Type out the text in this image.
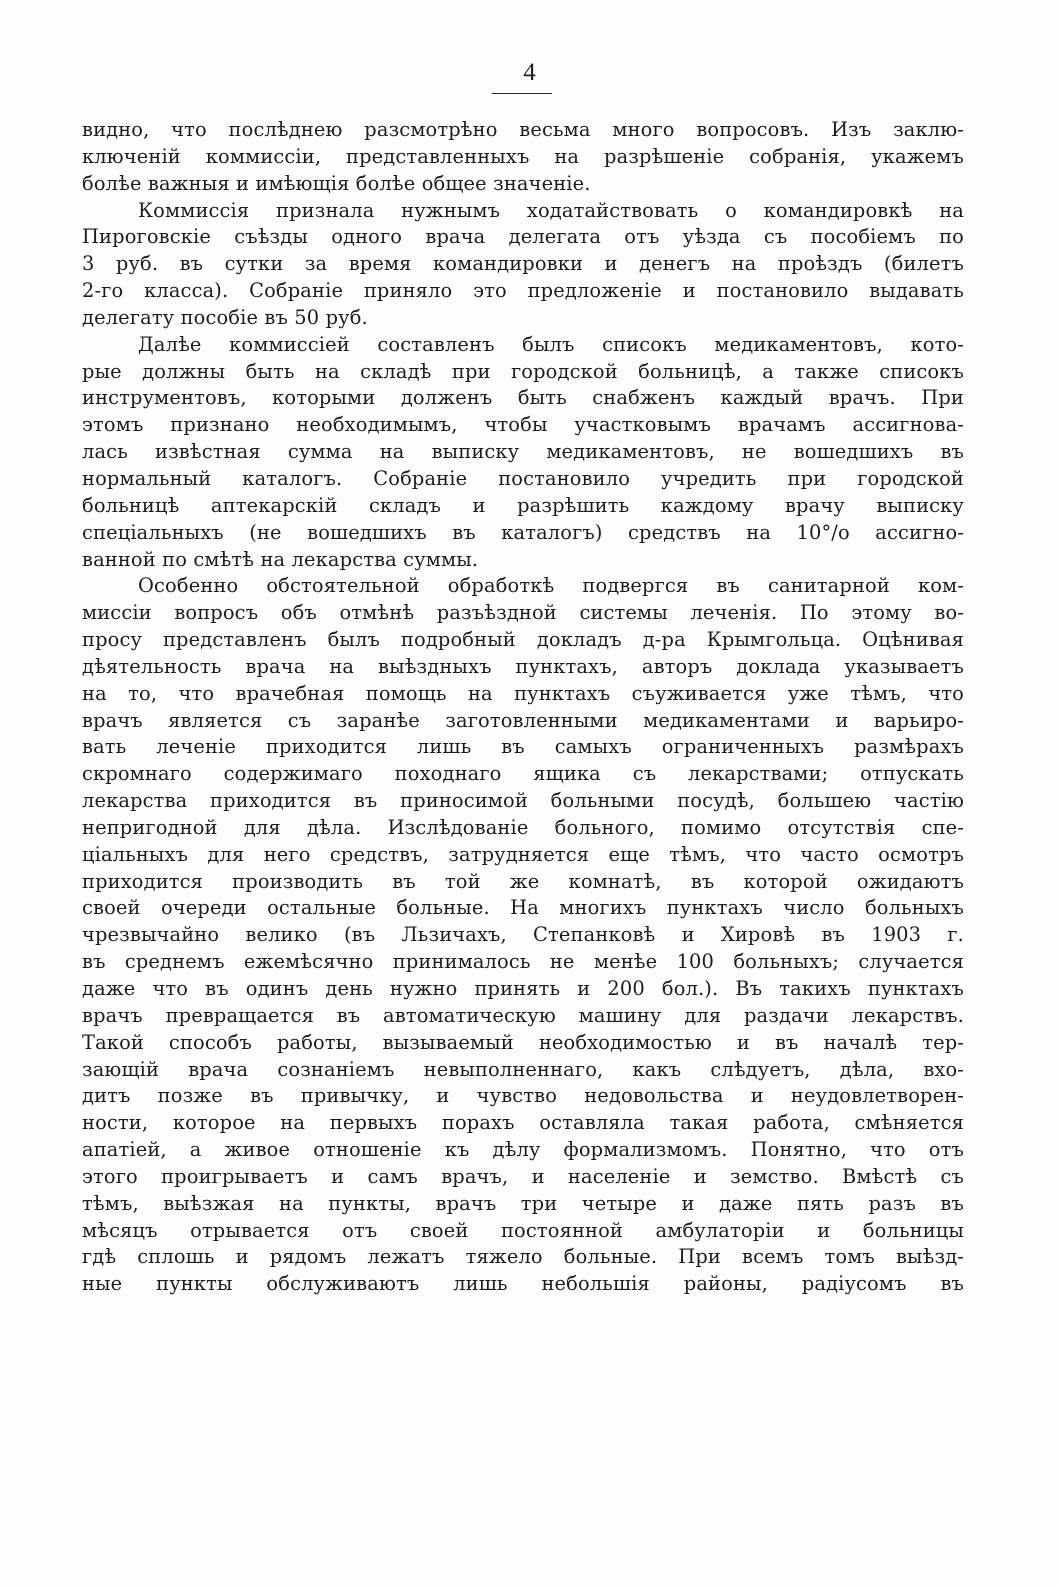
4
видно, что послѣднею разсмотрѣно весьма много вопросовъ. Изъ заклю-
ключенiй коммиссiи, представленныхъ на разрѣшенiе собранiя, укажемъ
болѣе важныя и имѣющiя болѣе общее значенiе.
Коммиссiя признала нужнымъ ходатайствовать о командировкѣ на
Пироговскiе съѣзды одного врача делегата отъ уѣзда съ пособiемъ по
3 руб. въ сутки за время командировки и денегъ на проѣздъ (билетъ
2-го класса). Собранiе приняло это предложенiе и постановило выдавать
делегату пособiе въ 50 руб.
Далѣе коммиссiей составленъ былъ списокъ медикаментовъ, кото-
рые должны быть на складѣ при городской больницѣ, а также списокъ
инструментовъ, которыми долженъ быть снабженъ каждый врачъ. При
этомъ признано необходимымъ, чтобы участковымъ врачамъ ассигнова-
лась извѣстная сумма на выписку медикаментовъ, не вошедшихъ въ
нормальный каталогъ. Собранiе постановило учредить при городской
больницѣ аптекарскiй складъ и разрѣшить каждому врачу выписку
спецiальныхъ (не вошедшихъ въ каталогъ) средствъ на 10°/о ассигно-
ванной по смѣтѣ на лекарства суммы.
Особенно обстоятельной обработкѣ подвергся въ санитарной ком-
миссiи вопросъ объ отмѣнѣ разъѣздной системы леченiя. По этому во-
просу представленъ былъ подробный докладъ д-ра Крымгольца. Оцѣнивая
дѣятельность врача на выѣздныхъ пунктахъ, авторъ доклада указываетъ
на то, что врачебная помощь на пунктахъ съуживается уже тѣмъ, что
врачъ является съ заранѣе заготовленными медикаментами и варьиро-
вать леченiе приходится лишь въ самыхъ ограниченныхъ размѣрахъ
скромнаго содержимаго походнаго ящика съ лекарствами; отпускать
лекарства приходится въ приносимой больными посудѣ, большею частiю
непригодной для дѣла. Изслѣдованiе больного, помимо отсутствiя спе-
цiальныхъ для него средствъ, затрудняется еще тѣмъ, что часто осмотръ
приходится производить въ той же комнатѣ, въ которой ожидаютъ
своей очереди остальные больные. На многихъ пунктахъ число больныхъ
чрезвычайно велико (въ Льзичахъ, Степанковѣ и Хировѣ въ 1903 г.
въ среднемъ ежемѣсячно принималось не менѣе 100 больныхъ; случается
даже что въ одинъ день нужно принять и 200 бол.). Въ такихъ пунктахъ
врачъ превращается въ автоматическую машину для раздачи лекарствъ.
Такой способъ работы, вызываемый необходимостью и въ началѣ тер-
зающiй врача сознанiемъ невыполненнаго, какъ слѣдуетъ, дѣла, вхо-
дитъ позже въ привычку, и чувство недовольства и неудовлетворен-
ности, которое на первыхъ порахъ оставляла такая работа, смѣняется
апатiей, а живое отношенiе къ дѣлу формализмомъ. Понятно, что отъ
этого проигрываетъ и самъ врачъ, и населенiе и земство. Вмѣстѣ съ
тѣмъ, выѣзжая на пункты, врачъ три четыре и даже пять разъ въ
мѣсяцъ отрывается отъ своей постоянной амбулаторiи и больницы
гдѣ сплошь и рядомъ лежатъ тяжело больные. При всемъ томъ выѣзд-
ные пункты обслуживаютъ лишь небольшiя районы, радiусомъ въ
